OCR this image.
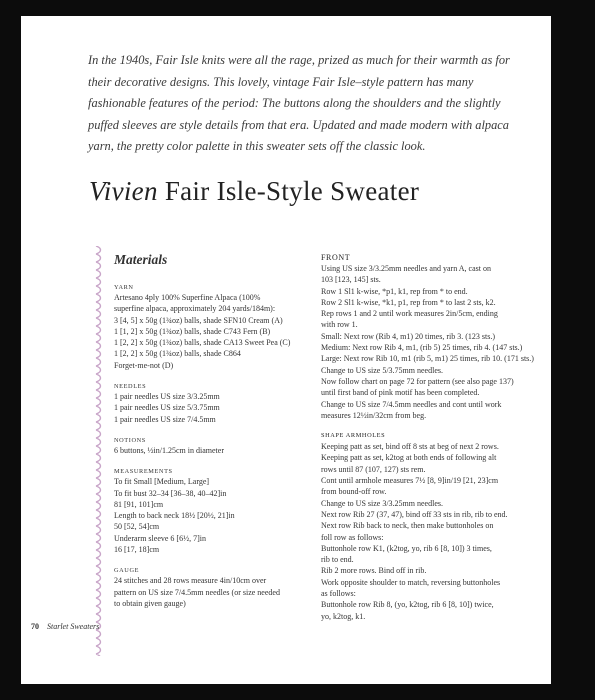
In the 1940s, Fair Isle knits were all the rage, prized as much for their warmth as for their decorative designs. This lovely, vintage Fair Isle–style pattern has many fashionable features of the period: The buttons along the shoulders and the slightly puffed sleeves are style details from that era. Updated and made modern with alpaca yarn, the pretty color palette in this sweater sets off the classic look.

Vivien Fair Isle-Style Sweater
Materials
YARN
Artesano 4ply 100% Superfine Alpaca (100%
superfine alpaca, approximately 204 yards/184m):
3 [4, 5] x 50g (1¾oz) balls, shade SFN10 Cream (A)
1 [1, 2] x 50g (1¾oz) balls, shade C743 Fern (B)
1 [2, 2] x 50g (1¾oz) balls, shade CA13 Sweet Pea (C)
1 [2, 2] x 50g (1¾oz) balls, shade C864
Forget-me-not (D)
NEEDLES
1 pair needles US size 3/3.25mm
1 pair needles US size 5/3.75mm
1 pair needles US size 7/4.5mm
NOTIONS
6 buttons, ½in/1.25cm in diameter
MEASUREMENTS
To fit Small [Medium, Large]
To fit bust 32–34 [36–38, 40–42]in
81 [91, 101]cm
Length to back neck 18½ [20½, 21]in
50 [52, 54]cm
Underarm sleeve 6 [6½, 7]in
16 [17, 18]cm
GAUGE
24 stitches and 28 rows measure 4in/10cm over
pattern on US size 7/4.5mm needles (or size needed
to obtain given gauge)
FRONT
Using US size 3/3.25mm needles and yarn A, cast on
103 [123, 145] sts.
Row 1 Sl1 k-wise, *p1, k1, rep from * to end.
Row 2 Sl1 k-wise, *k1, p1, rep from * to last 2 sts, k2.
Rep rows 1 and 2 until work measures 2in/5cm, ending
with row 1.
Small: Next row (Rib 4, m1) 20 times, rib 3. (123 sts.)
Medium: Next row Rib 4, m1, (rib 5) 25 times, rib 4. (147 sts.)
Large: Next row Rib 10, m1 (rib 5, m1) 25 times, rib 10. (171 sts.)
Change to US size 5/3.75mm needles.
Now follow chart on page 72 for pattern (see also page 137)
until first band of pink motif has been completed.
Change to US size 7/4.5mm needles and cont until work
measures 12½in/32cm from beg.
SHAPE ARMHOLES
Keeping patt as set, bind off 8 sts at beg of next 2 rows.
Keeping patt as set, k2tog at both ends of following alt
rows until 87 (107, 127) sts rem.
Cont until armhole measures 7½ [8, 9]in/19 [21, 23]cm
from bound-off row.
Change to US size 3/3.25mm needles.
Next row Rib 27 (37, 47), bind off 33 sts in rib, rib to end.
Next row Rib back to neck, then make buttonholes on
foll row as follows:
Buttonhole row K1, (k2tog, yo, rib 6 [8, 10]) 3 times,
rib to end.
Rib 2 more rows. Bind off in rib.
Work opposite shoulder to match, reversing buttonholes
as follows:
Buttonhole row Rib 8, (yo, k2tog, rib 6 [8, 10]) twice,
yo, k2tog, k1.
70 Starlet Sweaters
